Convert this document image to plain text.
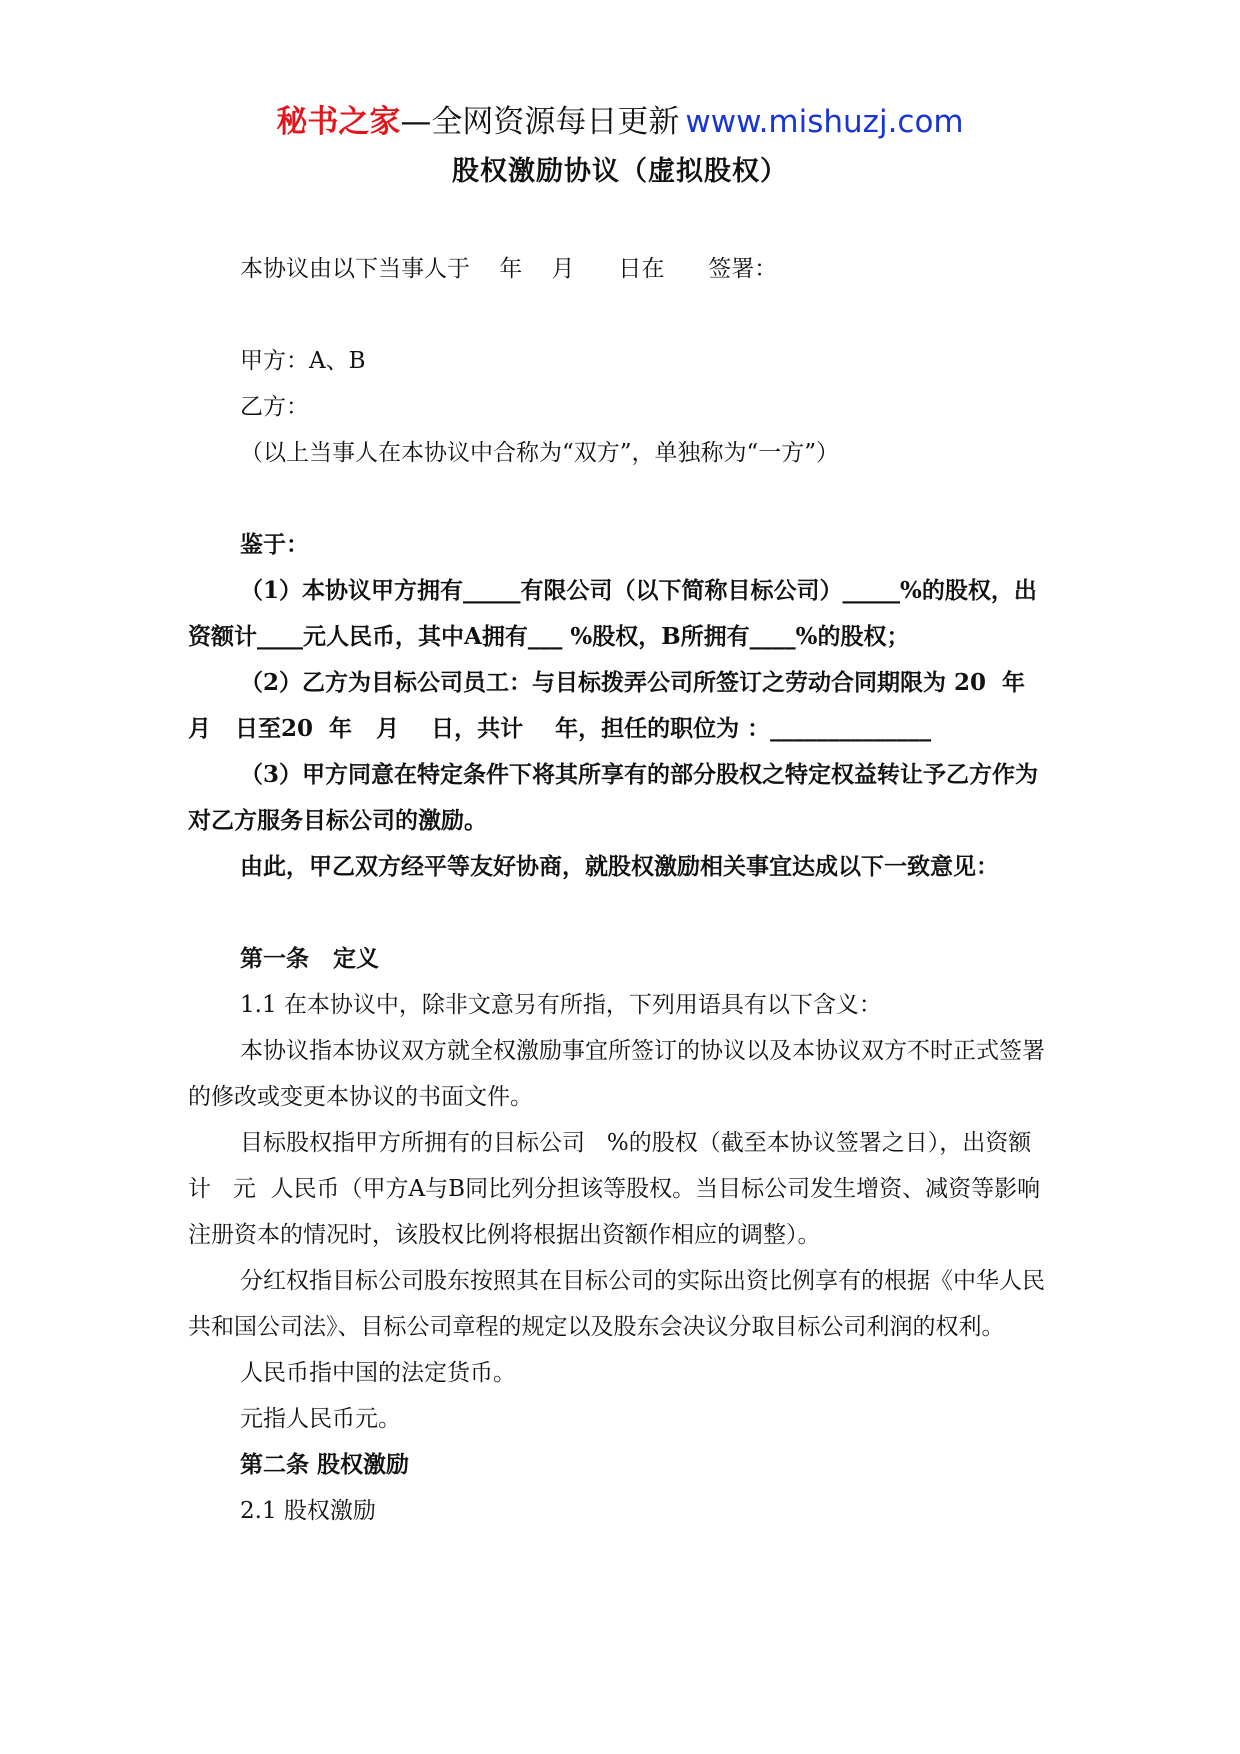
秘书之家—全网资源每日更新 www.mishuzj.com
股权激励协议（虚拟股权）

本协议由以下当事人于    年    月      日在      签署：

甲方：A、B

乙方：

（以上当事人在本协议中合称为“双方”，单独称为“一方”）

鉴于：

（1）本协议甲方拥有_____有限公司（以下简称目标公司）_____%的股权，出资额计____元人民币，其中A拥有___ %股权，B所拥有____%的股权；

（2）乙方为目标公司员工：与目标拨弄公司所签订之劳动合同期限为 20  年 月   日至20  年   月    日，共计    年，担任的职位为 ：______________

（3）甲方同意在特定条件下将其所享有的部分股权之特定权益转让予乙方作为对乙方服务目标公司的激励。

由此，甲乙双方经平等友好协商，就股权激励相关事宜达成以下一致意见：

第一条   定义

1.1 在本协议中，除非文意另有所指，下列用语具有以下含义：

本协议指本协议双方就全权激励事宜所签订的协议以及本协议双方不时正式签署的修改或变更本协议的书面文件。

目标股权指甲方所拥有的目标公司   %的股权（截至本协议签署之日），出资额计   元  人民币（甲方A与B同比列分担该等股权。当目标公司发生增资、减资等影响注册资本的情况时，该股权比例将根据出资额作相应的调整）。

分红权指目标公司股东按照其在目标公司的实际出资比例享有的根据《中华人民共和国公司法》、目标公司章程的规定以及股东会决议分取目标公司利润的权利。

人民币指中国的法定货币。

元指人民币元。

第二条 股权激励

2.1 股权激励
